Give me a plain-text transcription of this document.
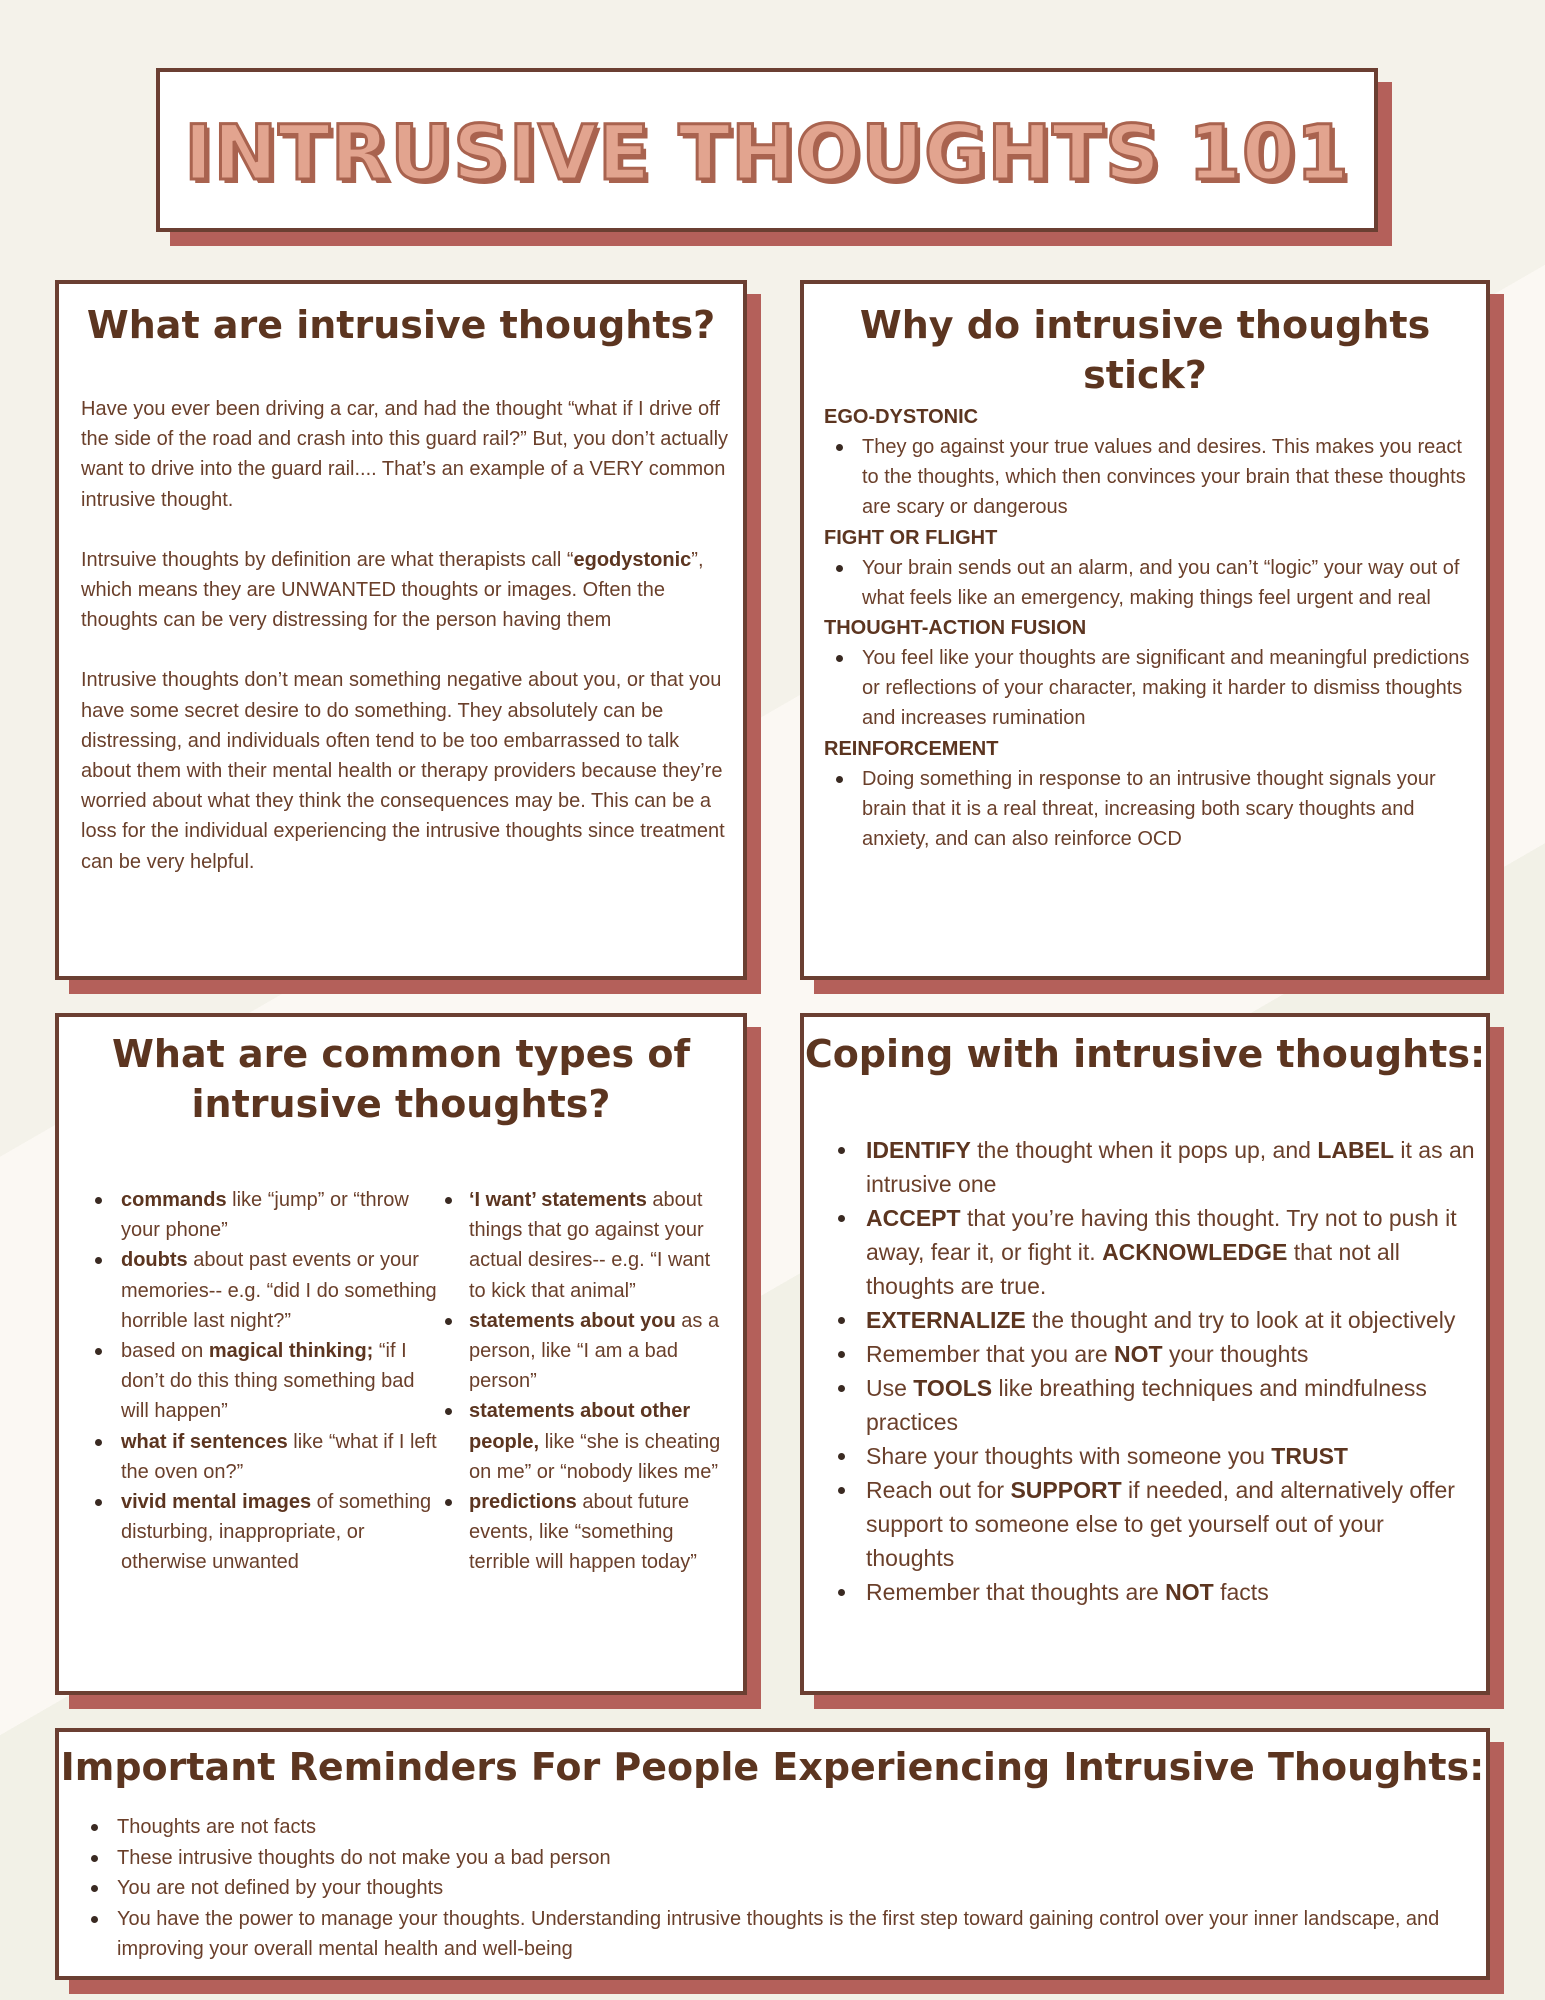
INTRUSIVE THOUGHTS 101
What are intrusive thoughts?

Have you ever been driving a car, and had the thought “what if I drive off the side of the road and crash into this guard rail?” But, you don’t actually want to drive into the guard rail.... That’s an example of a VERY common intrusive thought.

Intrsuive thoughts by definition are what therapists call “egodystonic”, which means they are UNWANTED thoughts or images. Often the thoughts can be very distressing for the person having them

Intrusive thoughts don’t mean something negative about you, or that you have some secret desire to do something. They absolutely can be distressing, and individuals often tend to be too embarrassed to talk about them with their mental health or therapy providers because they’re worried about what they think the consequences may be. This can be a loss for the individual experiencing the intrusive thoughts since treatment can be very helpful.

Why do intrusive thoughts stick?
EGO-DYSTONIC
They go against your true values and desires. This makes you react to the thoughts, which then convinces your brain that these thoughts are scary or dangerous
FIGHT OR FLIGHT
Your brain sends out an alarm, and you can’t “logic” your way out of what feels like an emergency, making things feel urgent and real
THOUGHT-ACTION FUSION
You feel like your thoughts are significant and meaningful predictions or reflections of your character, making it harder to dismiss thoughts and increases rumination
REINFORCEMENT
Doing something in response to an intrusive thought signals your brain that it is a real threat, increasing both scary thoughts and anxiety, and can also reinforce OCD
What are common types of
intrusive thoughts?
commands like “jump” or “throw your phone”
doubts about past events or your memories-- e.g. “did I do something horrible last night?”
based on magical thinking; “if I don’t do this thing something bad will happen”
what if sentences like “what if I left the oven on?”
vivid mental images of something disturbing, inappropriate, or otherwise unwanted
‘I want’ statements about things that go against your actual desires-- e.g. “I want to kick that animal”
statements about you as a person, like “I am a bad person”
statements about other people, like “she is cheating on me” or “nobody likes me”
predictions about future events, like “something terrible will happen today”
Coping with intrusive thoughts:
IDENTIFY the thought when it pops up, and LABEL it as an intrusive one
ACCEPT that you’re having this thought. Try not to push it away, fear it, or fight it. ACKNOWLEDGE that not all thoughts are true.
EXTERNALIZE the thought and try to look at it objectively
Remember that you are NOT your thoughts
Use TOOLS like breathing techniques and mindfulness practices
Share your thoughts with someone you TRUST
Reach out for SUPPORT if needed, and alternatively offer support to someone else to get yourself out of your thoughts
Remember that thoughts are NOT facts
Important Reminders For People Experiencing Intrusive Thoughts:
Thoughts are not facts
These intrusive thoughts do not make you a bad person
You are not defined by your thoughts
You have the power to manage your thoughts. Understanding intrusive thoughts is the first step toward gaining control over your inner landscape, and improving your overall mental health and well-being
